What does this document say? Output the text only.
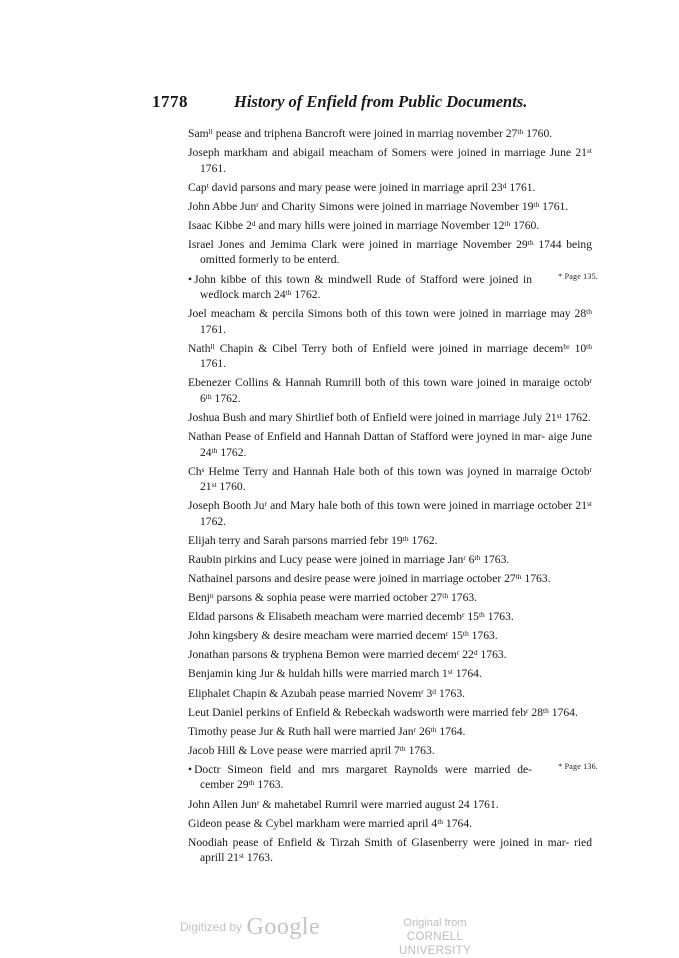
1778	History of Enfield from Public Documents.
Sam$^{ll}$ pease and triphena Bancroft were joined in marriag november 27th 1760.
Joseph markham and abigail meacham of Somers were joined in marriage June 21st 1761.
Cap$^t$ david parsons and mary pease were joined in marriage april 23$^d$ 1761.
John Abbe Jun$^r$ and Charity Simons were joined in marriage November 19th 1761.
Isaac Kibbe 2$^d$ and mary hills were joined in marriage November 12th 1760.
Israel Jones and Jemima Clark were joined in marriage November 29th 1744 being omitted formerly to be enterd.
* Page 135.
• John kibbe of this town & mindwell Rude of Stafford were joined in wedlock march 24th 1762.
Joel meacham & percila Simons both of this town were joined in marriage may 28th 1761.
Nath$^{ll}$ Chapin & Cibel Terry both of Enfield were joined in marriage decem$^{br}$ 10th 1761.
Ebenezer Collins & Hannah Rumrill both of this town ware joined in maraige octob$^r$ 6th 1762.
Joshua Bush and mary Shirtlief both of Enfield were joined in marriage July 21st 1762.
Nathan Pease of Enfield and Hannah Dattan of Stafford were joyned in mar- aige June 24th 1762.
Ch$^s$ Helme Terry and Hannah Hale both of this town was joyned in marraige Octob$^r$ 21st 1760.
Joseph Booth Ju$^r$ and Mary hale both of this town were joined in marriage october 21st 1762.
Elijah terry and Sarah parsons married febr 19th 1762.
Raubin pirkins and Lucy pease were joined in marriage Jan$^r$ 6th 1763.
Nathainel parsons and desire pease were joined in marriage october 27th 1763.
Benj$^n$ parsons & sophia pease were married october 27th 1763.
Eldad parsons & Elisabeth meacham were married decemb$^r$ 15th 1763.
John kingsbery & desire meacham were married decem$^r$ 15th 1763.
Jonathan parsons & tryphena Bemon were married decem$^r$ 22$^d$ 1763.
Benjamin king Jur & huldah hills were married march 1st 1764.
Eliphalet Chapin & Azubah pease married Novem$^r$ 3$^d$ 1763.
Leut Daniel perkins of Enfield & Rebeckah wadsworth were married feb$^r$ 28th 1764.
Timothy pease Jur & Ruth hall were married Jan$^r$ 26th 1764.
Jacob Hill & Love pease were married april 7th 1763.
* Page 136.
• Doctr Simeon field and mrs margaret Raynolds were married de- cember 29th 1763.
John Allen Jun$^r$ & mahetabel Rumril were married august 24 1761.
Gideon pease & Cybel markham were married april 4th 1764.
Noodiah pease of Enfield & Tirzah Smith of Glasenberry were joined in mar- ried aprill 21st 1763.
Digitized by Google	Original from
CORNELL UNIVERSITY
